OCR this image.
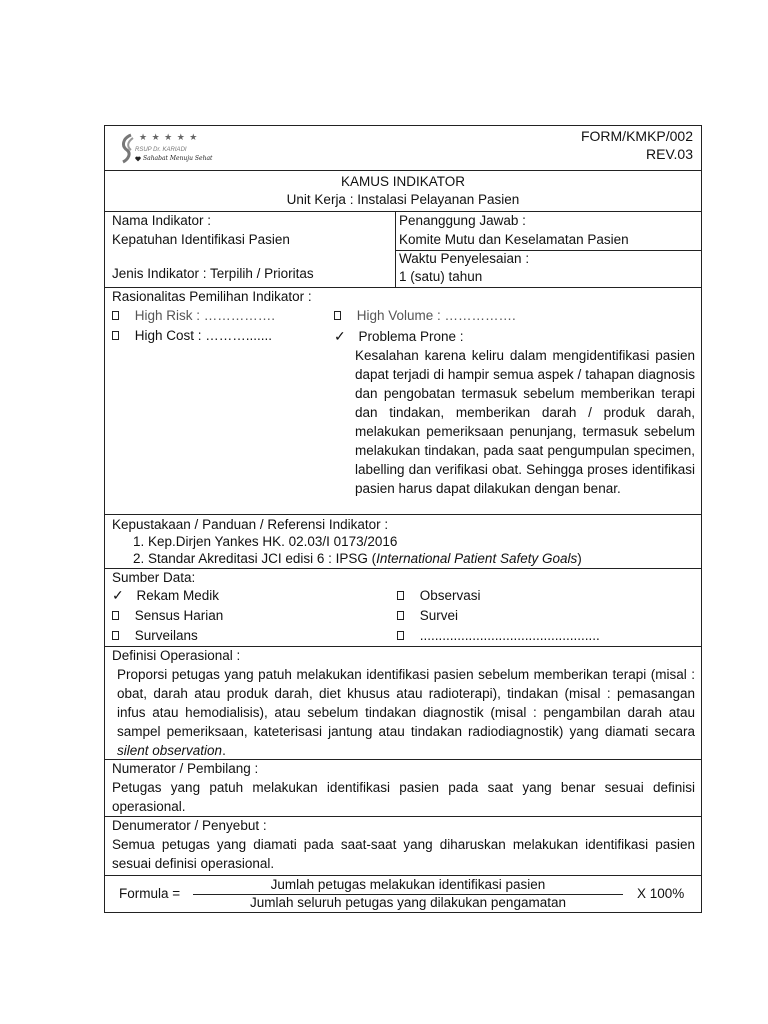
★ ★ ★ ★ ★
RSUP Dr. KARIADI
Sahabat Menuju Sehat
FORM/KMKP/002
REV.03
KAMUS INDIKATOR
Unit Kerja : Instalasi Pelayanan Pasien
Nama Indikator :
Kepatuhan Identifikasi Pasien
Jenis Indikator : Terpilih / Prioritas
Penanggung Jawab :
Komite Mutu dan Keselamatan Pasien
Waktu Penyelesaian :
1 (satu) tahun
Rasionalitas Pemilihan Indikator :
High Risk : …………….
High Cost : ……….......
High Volume : …………….
✓ Problema Prone :
Kesalahan karena keliru dalam mengidentifikasi pasien dapat terjadi di hampir semua aspek / tahapan diagnosis dan pengobatan termasuk sebelum memberikan terapi dan tindakan, memberikan darah / produk darah, melakukan pemeriksaan penunjang, termasuk sebelum melakukan tindakan, pada saat pengumpulan specimen, labelling dan verifikasi obat. Sehingga proses identifikasi pasien harus dapat dilakukan dengan benar.
Kepustakaan / Panduan / Referensi Indikator :
1. Kep.Dirjen Yankes HK. 02.03/I 0173/2016
2. Standar Akreditasi JCI edisi 6 : IPSG (International Patient Safety Goals)
Sumber Data:
✓ Rekam Medik
Sensus Harian
Surveilans
Observasi
Survei
................................................
Definisi Operasional :
Proporsi petugas yang patuh melakukan identifikasi pasien sebelum memberikan terapi (misal : obat, darah atau produk darah, diet khusus atau radioterapi), tindakan (misal : pemasangan infus atau hemodialisis), atau sebelum tindakan diagnostik (misal : pengambilan darah atau sampel pemeriksaan, kateterisasi jantung atau tindakan radiodiagnostik) yang diamati secara silent observation.
Numerator / Pembilang :
Petugas yang patuh melakukan identifikasi pasien pada saat yang benar sesuai definisi operasional.
Denumerator / Penyebut :
Semua petugas yang diamati pada saat-saat yang diharuskan melakukan identifikasi pasien sesuai definisi operasional.
Formula =
Jumlah petugas melakukan identifikasi pasien
Jumlah seluruh petugas yang dilakukan pengamatan
X 100%
